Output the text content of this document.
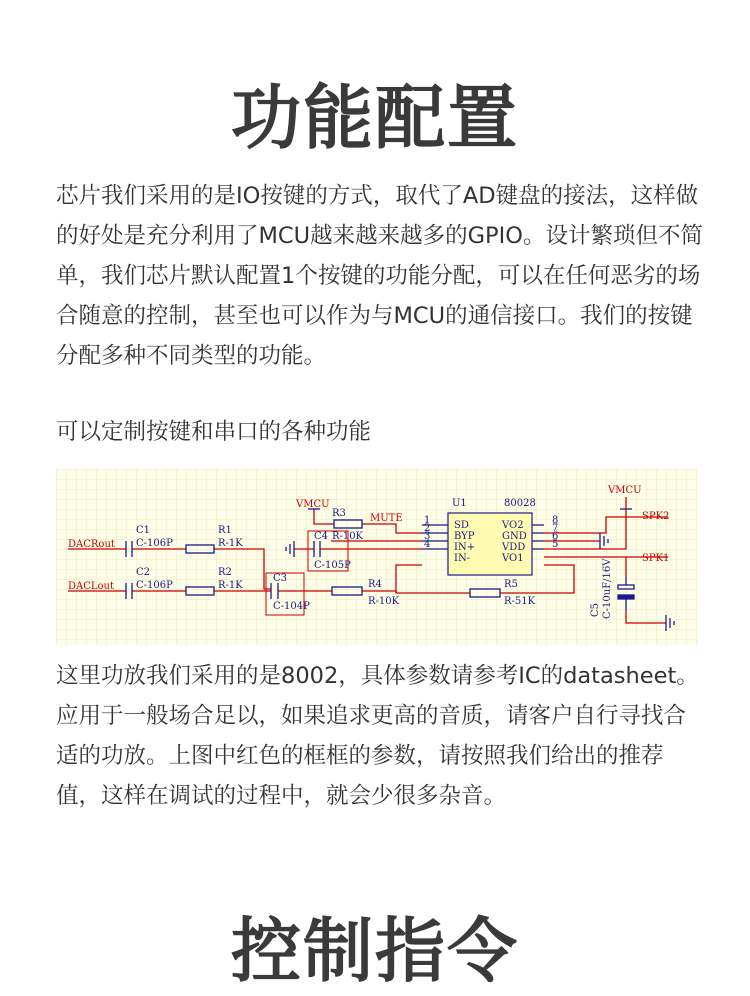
功能配置

芯片我们采用的是IO按键的方式，取代了AD键盘的接法，这样做的好处是充分利用了MCU越来越来越多的GPIO。设计繁琐但不简单，我们芯片默认配置1个按键的功能分配，可以在任何恶劣的场合随意的控制，甚至也可以作为与MCU的通信接口。我们的按键分配多种不同类型的功能。

可以定制按键和串口的各种功能

DACRout
DACLout
VMCU
VMCU
MUTE	SPK2
SPK1
C1
C-106P
C2
C-106P
R1
R-1K
R2
R-1K
C3
C-104P
R3
R-10K
C4
C-105P
R4
R-10K
R5
R-51K
U1	80028
C5 C-10uF/16V
SD
BYP
IN+
IN-
VO2
GND
VDD
VO1
1
2
3
4
8
7
6
5

这里功放我们采用的是8002，具体参数请参考IC的datasheet。应用于一般场合足以，如果追求更高的音质，请客户自行寻找合适的功放。上图中红色的框框的参数，请按照我们给出的推荐值，这样在调试的过程中，就会少很多杂音。

控制指令
